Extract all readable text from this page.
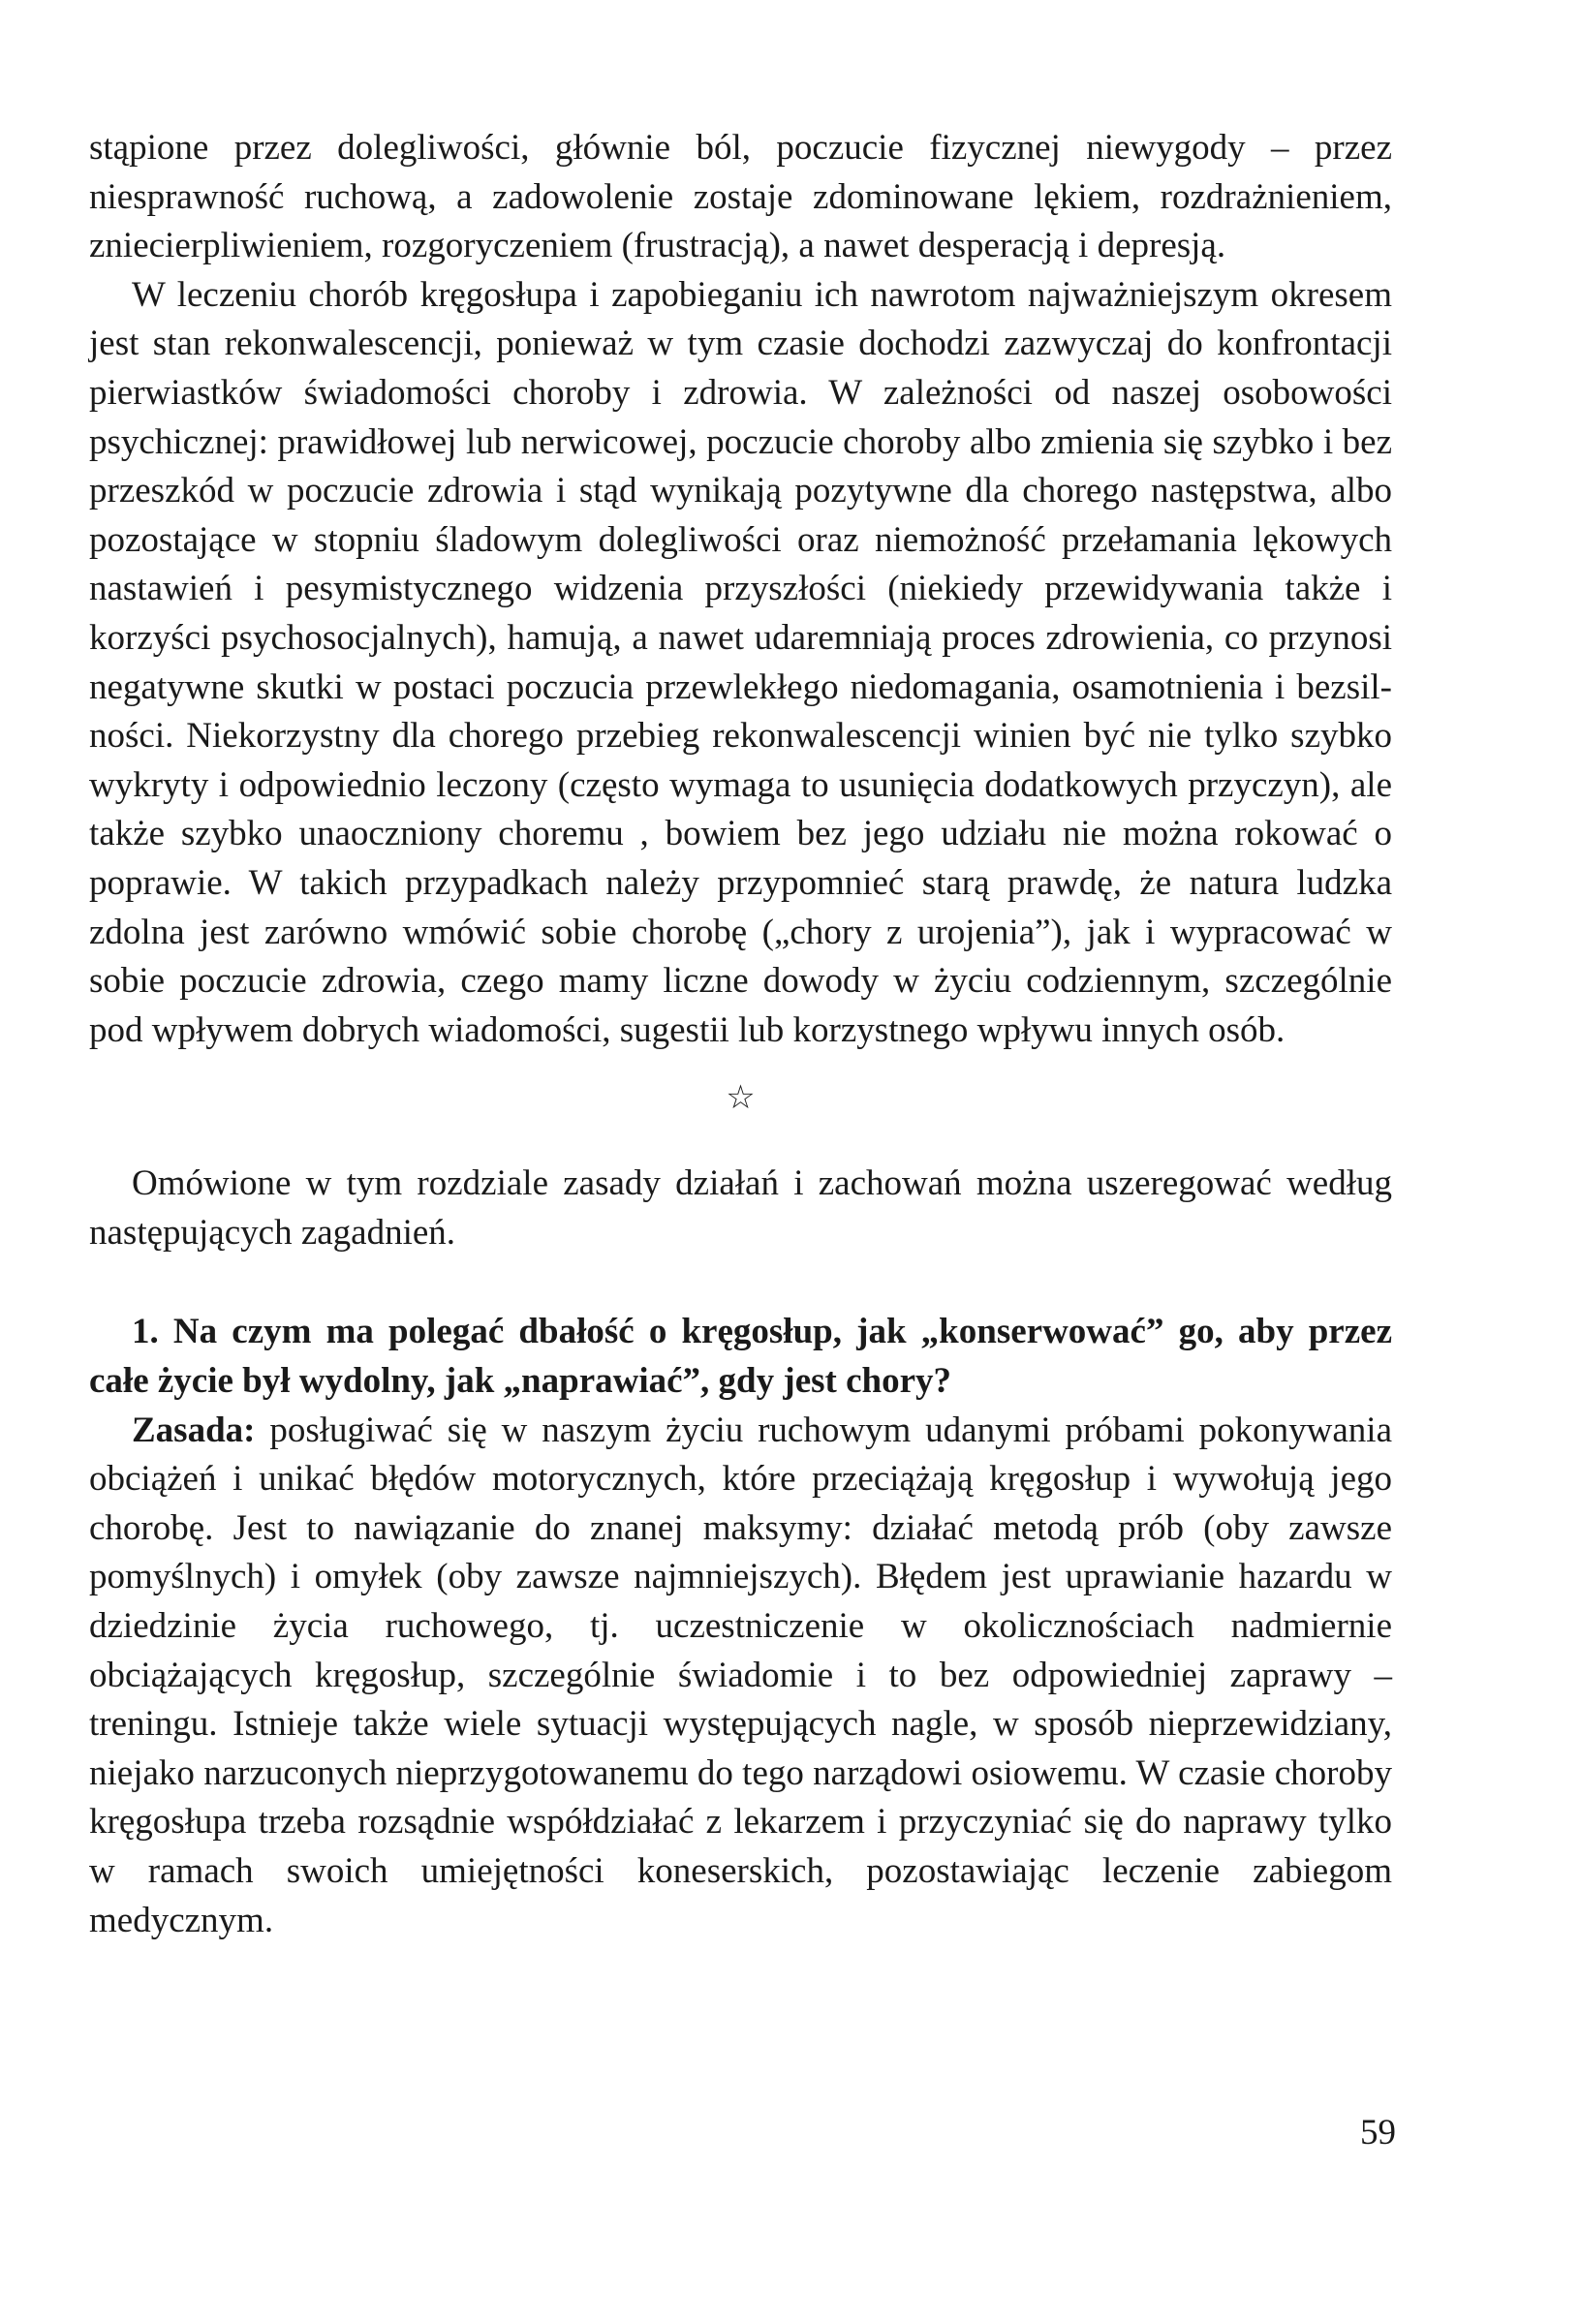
stąpione przez dolegliwości, głównie ból, poczucie fizycznej niewygody – przez niesprawność ruchową, a zadowolenie zostaje zdominowane lękiem, rozdrażnieniem, zniecierpliwieniem, rozgoryczeniem (frustracją), a nawet desperacją i depresją.

W leczeniu chorób kręgosłupa i zapobieganiu ich nawrotom najważniejszym okresem jest stan rekonwalescencji, ponieważ w tym czasie dochodzi zazwyczaj do konfrontacji pierwiastków świadomości choroby i zdrowia. W zależności od naszej osobowości psychicznej: prawidłowej lub nerwicowej, poczucie choroby albo zmienia się szybko i bez przeszkód w poczucie zdrowia i stąd wynikają pozytywne dla chorego następstwa, albo pozostające w stopniu śladowym dolegliwości oraz niemożność przełamania lękowych nastawień i pesymistycznego widzenia przyszłości (niekiedy przewidywania także i korzyści psychosocjalnych), hamują, a nawet udaremniają proces zdrowienia, co przynosi negatywne skutki w postaci poczucia przewlekłego niedomagania, osamotnienia i bezsilności. Niekorzystny dla chorego przebieg rekonwalescencji winien być nie tylko szybko wykryty i odpowiednio leczony (często wymaga to usunięcia dodatkowych przyczyn), ale także szybko unaoczniony choremu , bowiem bez jego udziału nie można rokować o poprawie. W takich przypadkach należy przypomnieć starą prawdę, że natura ludzka zdolna jest zarówno wmówić sobie chorobę („chory z urojenia”), jak i wypracować w sobie poczucie zdrowia, czego mamy liczne dowody w życiu codziennym, szczególnie pod wpływem dobrych wiadomości, sugestii lub korzystnego wpływu innych osób.

☆

Omówione w tym rozdziale zasady działań i zachowań można uszeregować według następujących zagadnień.

1. Na czym ma polegać dbałość o kręgosłup, jak „konserwować” go, aby przez całe życie był wydolny, jak „naprawiać”, gdy jest chory?

Zasada: posługiwać się w naszym życiu ruchowym udanymi próbami pokonywania obciążeń i unikać błędów motorycznych, które przeciążają kręgosłup i wywołują jego chorobę. Jest to nawiązanie do znanej maksymy: działać metodą prób (oby zawsze pomyślnych) i omyłek (oby zawsze najmniejszych). Błędem jest uprawianie hazardu w dziedzinie życia ruchowego, tj. uczestniczenie w okolicznościach nadmiernie obciążających kręgosłup, szczególnie świadomie i to bez odpowiedniej zaprawy – treningu. Istnieje także wiele sytuacji występujących nagle, w sposób nieprzewidziany, niejako narzuconych nieprzygotowanemu do tego narządowi osiowemu. W czasie choroby kręgosłupa trzeba rozsądnie współdziałać z lekarzem i przyczyniać się do naprawy tylko w ramach swoich umiejętności koneserskich, pozostawiając leczenie zabiegom medycznym.

59
